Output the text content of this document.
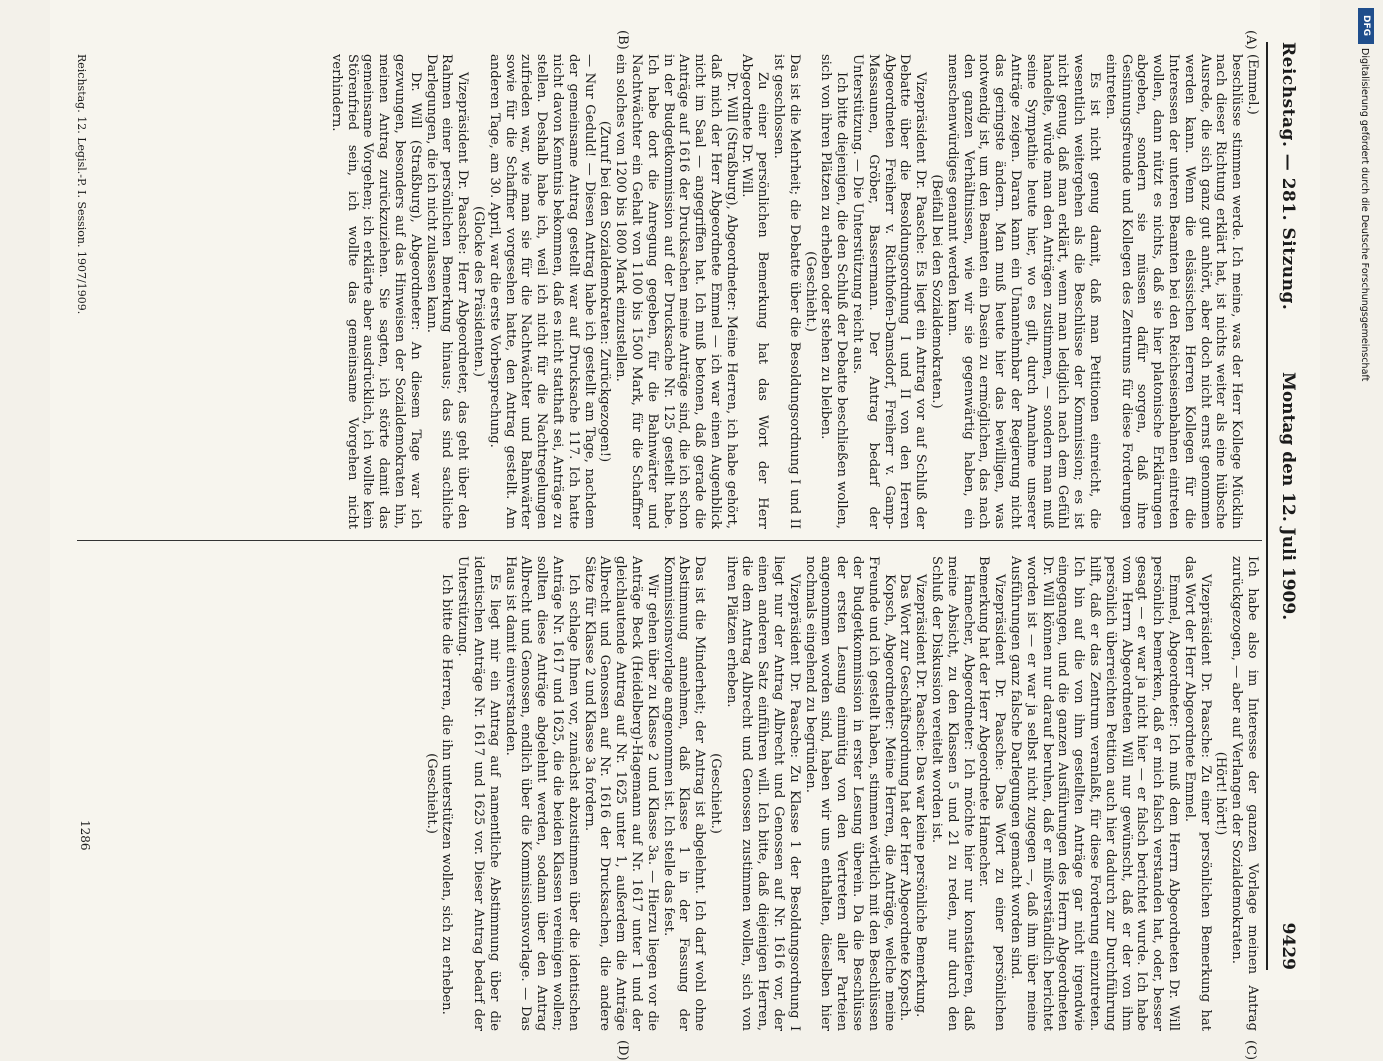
Reichstag. — 281. Sitzung.
Montag den 12. Juli 1909.
9429
(A)
(B)
(C)
(D)

(Emmel.)

beschlüsse stimmen werde. Ich meine, was der Herr Kollege Mücklin nach dieser Richtung erklärt hat, ist nichts weiter als eine hübsche Ausrede, die sich ganz gut anhört, aber doch nicht ernst genommen werden kann. Wenn die elsässischen Herren Kollegen für die Interessen der unteren Beamten bei den Reichseisenbahnen eintreten wollen, dann nützt es nichts, daß sie hier platonische Erklärungen abgeben, sondern sie müssen dafür sorgen, daß ihre Gesinnungsfreunde und Kollegen des Zentrums für diese Forderungen eintreten.

Es ist nicht genug damit, daß man Petitionen einreicht, die wesentlich weitergehen als die Beschlüsse der Kommission; es ist nicht genug, daß man erklärt, wenn man lediglich nach dem Gefühl handelte, würde man den Anträgen zustimmen, — sondern man muß seine Sympathie heute hier, wo es gilt, durch Annahme unserer Anträge zeigen. Daran kann ein Unannehmbar der Regierung nicht das geringste ändern. Man muß heute hier das bewilligen, was notwendig ist, um den Beamten ein Dasein zu ermöglichen, das nach den ganzen Verhältnissen, wie wir sie gegenwärtig haben, ein menschenwürdiges genannt werden kann.

(Beifall bei den Sozialdemokraten.)

Vizepräsident Dr. Paasche: Es liegt ein Antrag vor auf Schluß der Debatte über die Besoldungsordnung I und II von den Herren Abgeordneten Freiherr v. Richthofen-Damsdorf, Freiherr v. Gamp-Massaunen, Gröber, Bassermann. Der Antrag bedarf der Unterstützung. — Die Unterstützung reicht aus.

Ich bitte diejenigen, die den Schluß der Debatte beschließen wollen, sich von ihren Plätzen zu erheben oder stehen zu bleiben.

(Geschieht.)

Das ist die Mehrheit; die Debatte über die Besoldungsordnung I und II ist geschlossen.

Zu einer persönlichen Bemerkung hat das Wort der Herr Abgeordnete Dr. Will.

Dr. Will (Straßburg), Abgeordneter: Meine Herren, ich habe gehört, daß mich der Herr Abgeordnete Emmel — ich war einen Augenblick nicht im Saal — angegriffen hat. Ich muß betonen, daß gerade die Anträge auf 1616 der Drucksachen meine Anträge sind, die ich schon in der Budgetkommission auf der Drucksache Nr. 125 gestellt habe. Ich habe dort die Anregung gegeben, für die Bahnwärter und Nachtwächter ein Gehalt von 1100 bis 1500 Mark, für die Schaffner ein solches von 1200 bis 1800 Mark einzustellen.

(Zuruf bei den Sozialdemokraten: Zurückgezogen!)

— Nur Geduld! — Diesen Antrag habe ich gestellt am Tage, nachdem der gemeinsame Antrag gestellt war auf Drucksache 117. Ich hatte nicht davon Kenntnis bekommen, daß es nicht statthaft sei, Anträge zu stellen. Deshalb habe ich, weil ich nicht für die Nachtregelungen zufrieden war, wie man sie für die Nachtwächter und Bahnwärter sowie für die Schaffner vorgesehen hatte, den Antrag gestellt. Am anderen Tage, am 30. April, war die erste Vorbesprechung.

(Glocke des Präsidenten.)

Vizepräsident Dr. Paasche: Herr Abgeordneter, das geht über den Rahmen einer persönlichen Bemerkung hinaus; das sind sachliche Darlegungen, die ich nicht zulassen kann.

Dr. Will (Straßburg), Abgeordneter: An diesem Tage war ich gezwungen, besonders auf das Hinweisen der Sozialdemokraten hin, meinen Antrag zurückzuziehen. Sie sagten, ich störte damit das gemeinsame Vorgehen; ich erklärte aber ausdrücklich, ich wollte kein Störenfried sein, ich wollte das gemeinsame Vorgehen nicht verhindern.

Ich habe also im Interesse der ganzen Vorlage meinen Antrag zurückgezogen, — aber auf Verlangen der Sozialdemokraten.

(Hört! hört!)

Vizepräsident Dr. Paasche: Zu einer persönlichen Bemerkung hat das Wort der Herr Abgeordnete Emmel.

Emmel, Abgeordneter: Ich muß dem Herrn Abgeordneten Dr. Will persönlich bemerken, daß er mich falsch verstanden hat, oder, besser gesagt — er war ja nicht hier — er falsch berichtet wurde. Ich habe vom Herrn Abgeordneten Will nur gewünscht, daß er der von ihm persönlich überreichten Petition auch hier dadurch zur Durchführung hilft, daß er das Zentrum veranlaßt, für diese Forderung einzutreten. Ich bin auf die von ihm gestellten Anträge gar nicht irgendwie eingegangen, und die ganzen Ausführungen des Herrn Abgeordneten Dr. Will können nur darauf beruhen, daß er mißverständlich berichtet worden ist — er war ja selbst nicht zugegen —, daß ihm über meine Ausführungen ganz falsche Darlegungen gemacht worden sind.

Vizepräsident Dr. Paasche: Das Wort zu einer persönlichen Bemerkung hat der Herr Abgeordnete Hamecher.

Hamecher, Abgeordneter: Ich möchte hier nur konstatieren, daß meine Absicht, zu den Klassen 5 und 21 zu reden, nur durch den Schluß der Diskussion vereitelt worden ist.

Vizepräsident Dr. Paasche: Das war keine persönliche Bemerkung.

Das Wort zur Geschäftsordnung hat der Herr Abgeordnete Kopsch.

Kopsch, Abgeordneter: Meine Herren, die Anträge, welche meine Freunde und ich gestellt haben, stimmen wörtlich mit den Beschlüssen der Budgetkommission in erster Lesung überein. Da die Beschlüsse der ersten Lesung einmütig von den Vertretern aller Parteien angenommen worden sind, haben wir uns enthalten, dieselben hier nochmals eingehend zu begründen.

Vizepräsident Dr. Paasche: Zu Klasse 1 der Besoldungsordnung I liegt nur der Antrag Albrecht und Genossen auf Nr. 1616 vor, der einen anderen Satz einführen will. Ich bitte, daß diejenigen Herren, die dem Antrag Albrecht und Genossen zustimmen wollen, sich von ihren Plätzen erheben.

(Geschieht.)

Das ist die Minderheit; der Antrag ist abgelehnt. Ich darf wohl ohne Abstimmung annehmen, daß Klasse 1 in der Fassung der Kommissionsvorlage angenommen ist. Ich stelle das fest.

Wir gehen über zu Klasse 2 und Klasse 3a. — Hierzu liegen vor die Anträge Beck (Heidelberg)-Hagemann auf Nr. 1617 unter 1 und der gleichlautende Antrag auf Nr. 1625 unter 1, außerdem die Anträge Albrecht und Genossen auf Nr. 1616 der Drucksachen, die andere Sätze für Klasse 2 und Klasse 3a fordern.

Ich schlage Ihnen vor, zunächst abzustimmen über die identischen Anträge Nr. 1617 und 1625, die die beiden Klassen vereinigen wollen; sollten diese Anträge abgelehnt werden, sodann über den Antrag Albrecht und Genossen, endlich über die Kommissionsvorlage. — Das Haus ist damit einverstanden.

Es liegt mir ein Antrag auf namentliche Abstimmung über die identischen Anträge Nr. 1617 und 1625 vor. Dieser Antrag bedarf der Unterstützung.

Ich bitte die Herren, die ihn unterstützen wollen, sich zu erheben.

(Geschieht.)

Reichstag. 12. Legisl.-P. I. Session. 1907/1909.
1286
DFG
Digitalisierung gefördert durch die Deutsche Forschungsgemeinschaft
